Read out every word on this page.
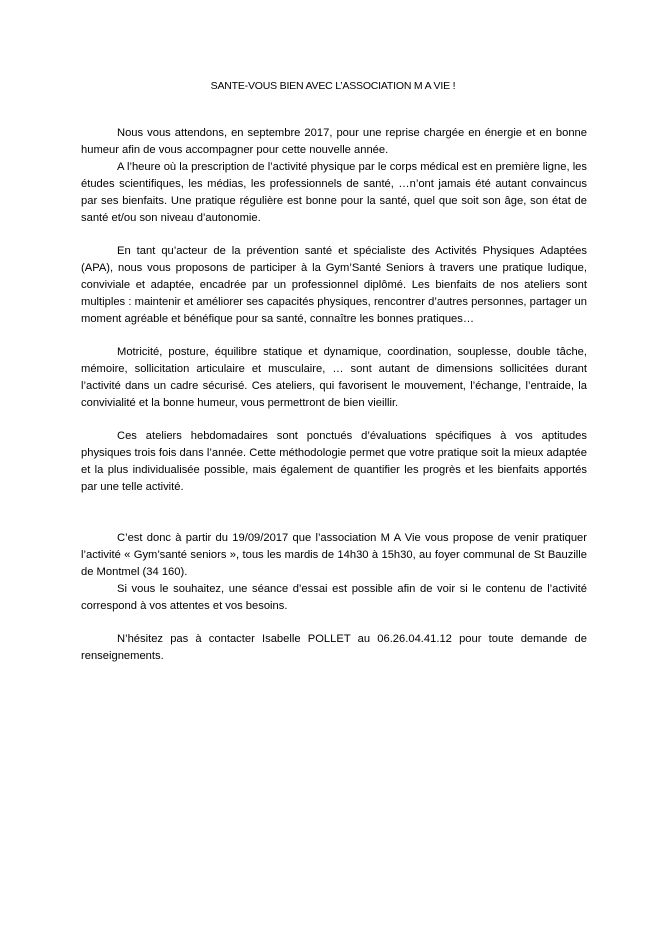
SANTE-VOUS BIEN AVEC L’ASSOCIATION M A VIE !

Nous vous attendons, en septembre 2017, pour une reprise chargée en énergie et en bonne humeur afin de vous accompagner pour cette nouvelle année.

A l’heure où la prescription de l’activité physique par le corps médical est en première ligne, les études scientifiques, les médias, les professionnels de santé, …n’ont jamais été autant convaincus par ses bienfaits. Une pratique régulière est bonne pour la santé, quel que soit son âge, son état de santé et/ou son niveau d’autonomie.

En tant qu’acteur de la prévention santé et spécialiste des Activités Physiques Adaptées (APA), nous vous proposons de participer à la Gym’Santé Seniors à travers une pratique ludique, conviviale et adaptée, encadrée par un professionnel diplômé. Les bienfaits de nos ateliers sont multiples : maintenir et améliorer ses capacités physiques, rencontrer d’autres personnes, partager un moment agréable et bénéfique pour sa santé, connaître les bonnes pratiques…

Motricité, posture, équilibre statique et dynamique, coordination, souplesse, double tâche, mémoire, sollicitation articulaire et musculaire, … sont autant de dimensions sollicitées durant l’activité dans un cadre sécurisé. Ces ateliers, qui favorisent le mouvement, l’échange, l’entraide, la convivialité et la bonne humeur, vous permettront de bien vieillir.

Ces ateliers hebdomadaires sont ponctués d’évaluations spécifiques à vos aptitudes physiques trois fois dans l’année. Cette méthodologie permet que votre pratique soit la mieux adaptée et la plus individualisée possible, mais également de quantifier les progrès et les bienfaits apportés par une telle activité.

C’est donc à partir du 19/09/2017 que l’association M A Vie vous propose de venir pratiquer l’activité « Gym’santé seniors », tous les mardis de 14h30 à 15h30, au foyer communal de St Bauzille de Montmel (34 160).

Si vous le souhaitez, une séance d’essai est possible afin de voir si le contenu de l’activité correspond à vos attentes et vos besoins.

N’hésitez pas à contacter Isabelle POLLET au 06.26.04.41.12 pour toute demande de renseignements.
